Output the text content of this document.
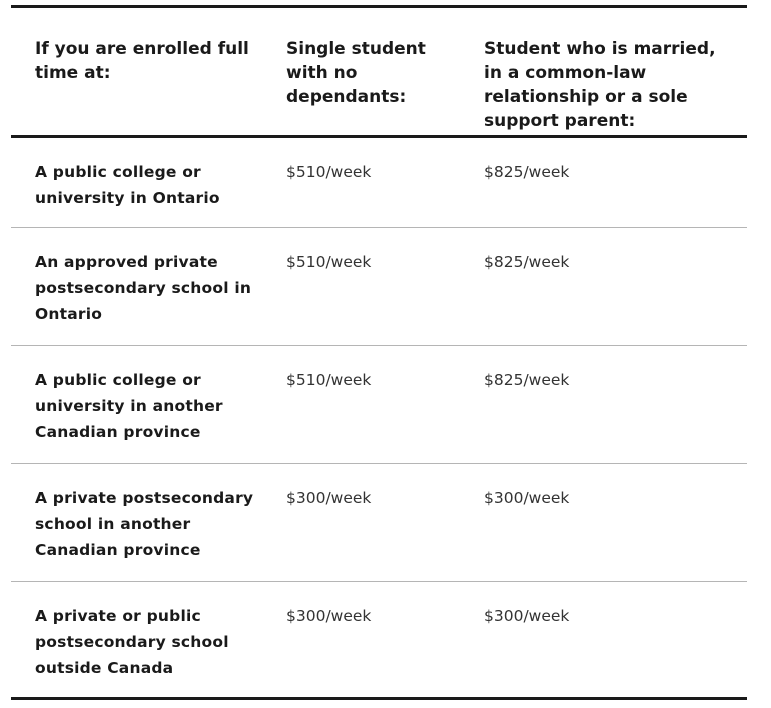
If you are enrolled full time at:	Single student with no dependants:	Student who is married, in a common-law relationship or a sole support parent:
A public college or university in Ontario	$510/week	$825/week
An approved private postsecondary school in Ontario	$510/week	$825/week
A public college or university in another Canadian province	$510/week	$825/week
A private postsecondary school in another Canadian province	$300/week	$300/week
A private or public postsecondary school outside Canada	$300/week	$300/week
